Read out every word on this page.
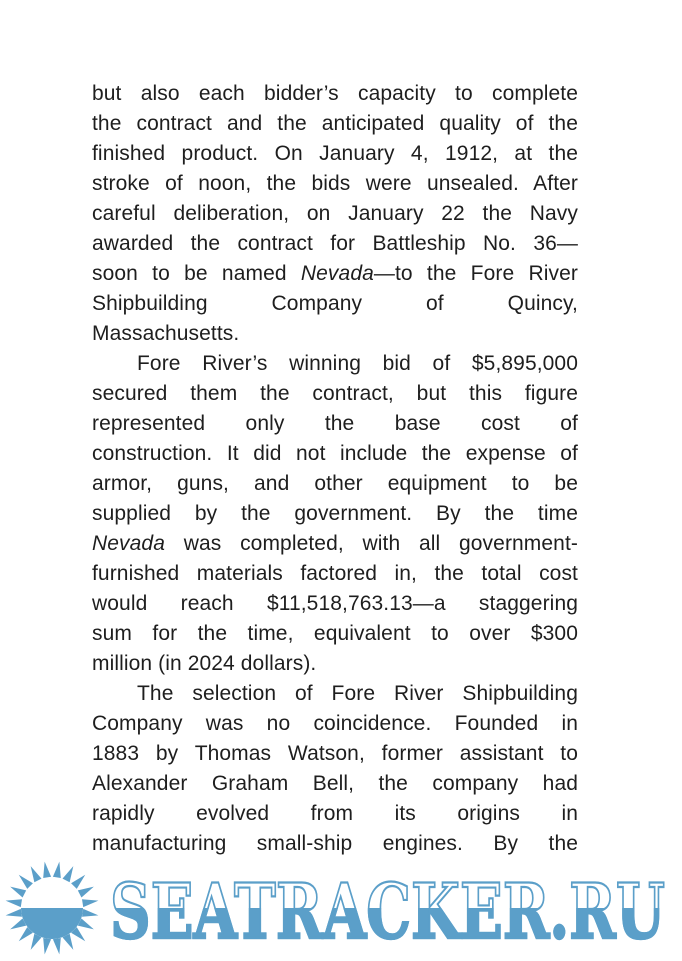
but also each bidder’s capacity to complete
the contract and the anticipated quality of the
finished product. On January 4, 1912, at the
stroke of noon, the bids were unsealed. After
careful deliberation, on January 22 the Navy
awarded the contract for Battleship No. 36—
soon to be named Nevada—to the Fore River
Shipbuilding Company of Quincy,
Massachusetts.
Fore River’s winning bid of $5,895,000
secured them the contract, but this figure
represented only the base cost of
construction. It did not include the expense of
armor, guns, and other equipment to be
supplied by the government. By the time
Nevada was completed, with all government-
furnished materials factored in, the total cost
would reach $11,518,763.13—a staggering
sum for the time, equivalent to over $300
million (in 2024 dollars).
The selection of Fore River Shipbuilding
Company was no coincidence. Founded in
1883 by Thomas Watson, former assistant to
Alexander Graham Bell, the company had
rapidly evolved from its origins in
manufacturing small-ship engines. By the
SEATRACKER.RU
